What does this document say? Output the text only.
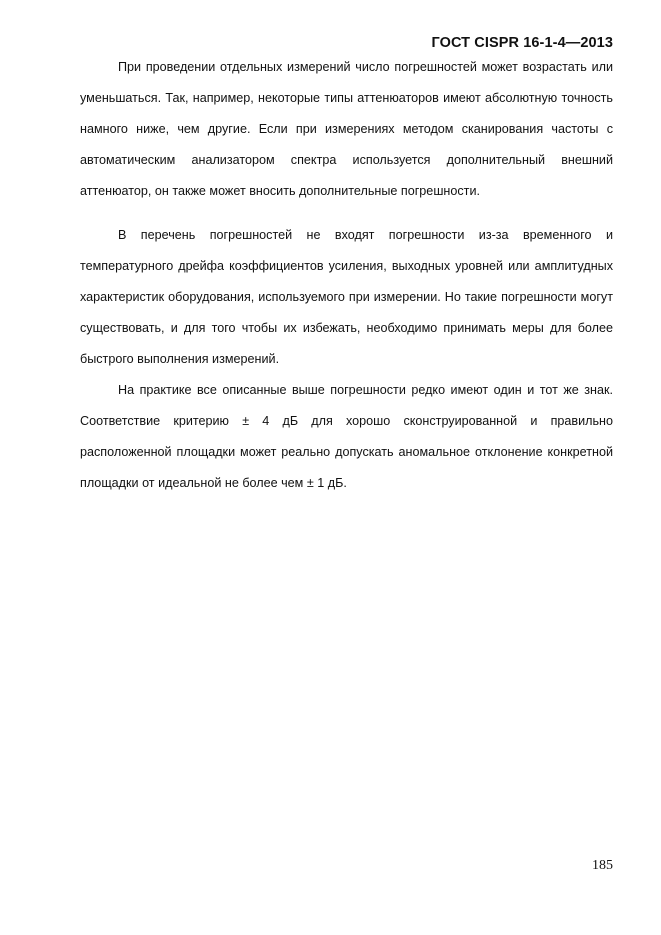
ГОСТ CISPR 16-1-4—2013

При проведении отдельных измерений число погрешностей может возрастать или уменьшаться. Так, например, некоторые типы аттенюаторов имеют абсолютную точность намного ниже, чем другие. Если при измерениях методом сканирования частоты с автоматическим анализатором спектра используется дополнительный внешний аттенюатор, он также может вносить дополнительные погрешности.

В перечень погрешностей не входят погрешности из-за временного и температурного дрейфа коэффициентов усиления, выходных уровней или амплитудных характеристик оборудования, используемого при измерении. Но такие погрешности могут существовать, и для того чтобы их избежать, необходимо принимать меры для более быстрого выполнения измерений.

На практике все описанные выше погрешности редко имеют один и тот же знак. Соответствие критерию ± 4 дБ для хорошо сконструированной и правильно расположенной площадки может реально допускать аномальное отклонение конкретной площадки от идеальной не более чем ± 1 дБ.

185
